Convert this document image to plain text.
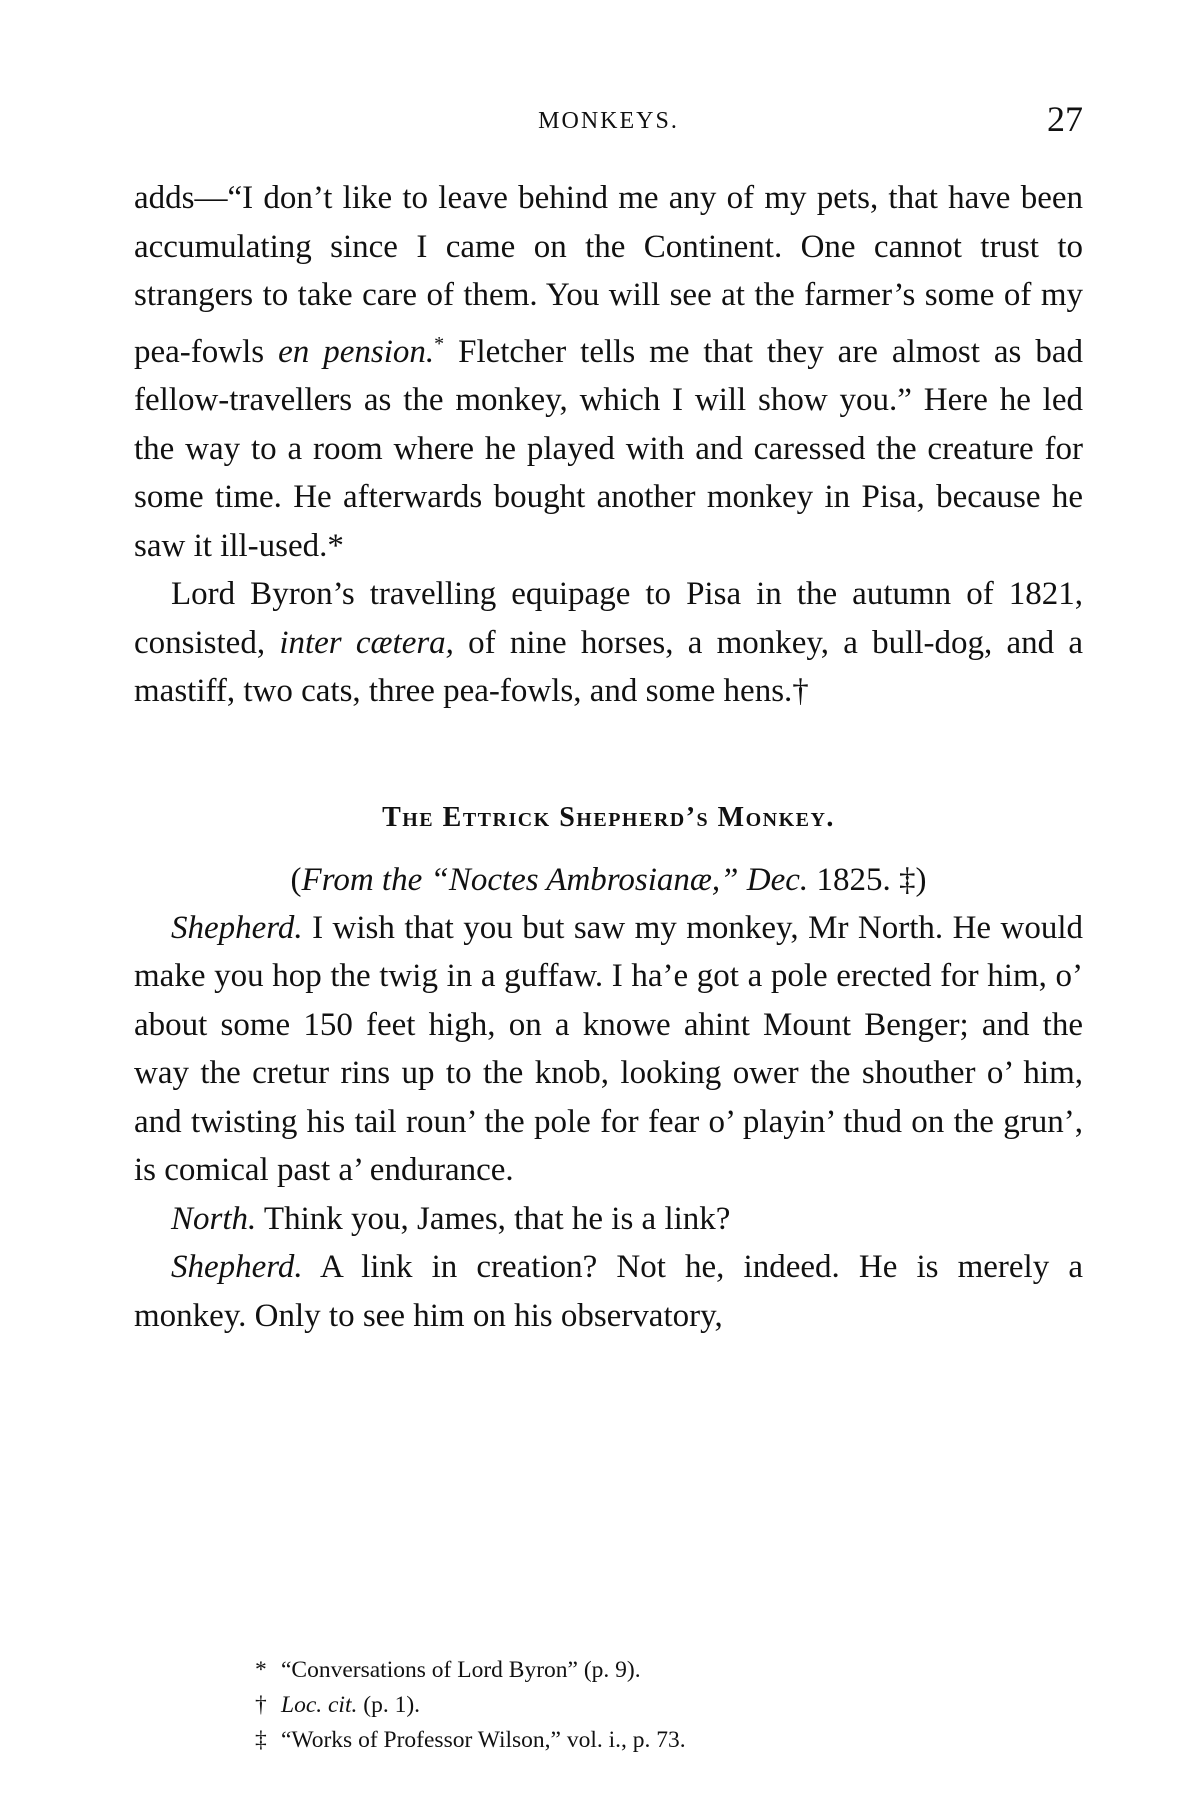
MONKEYS.	27

adds—“I don’t like to leave behind me any of my pets, that have been accumulating since I came on the Continent. One cannot trust to strangers to take care of them. You will see at the farmer’s some of my pea-fowls en pension.* Fletcher tells me that they are almost as bad fellow-travellers as the monkey, which I will show you.” Here he led the way to a room where he played with and caressed the creature for some time. He afterwards bought another monkey in Pisa, because he saw it ill-used.*

Lord Byron’s travelling equipage to Pisa in the autumn of 1821, consisted, inter cætera, of nine horses, a monkey, a bull-dog, and a mastiff, two cats, three pea-fowls, and some hens.†

The Ettrick Shepherd’s Monkey.

(From the “Noctes Ambrosianæ,” Dec. 1825. ‡)

Shepherd. I wish that you but saw my monkey, Mr North. He would make you hop the twig in a guffaw. I ha’e got a pole erected for him, o’ about some 150 feet high, on a knowe ahint Mount Benger; and the way the cretur rins up to the knob, looking ower the shouther o’ him, and twisting his tail roun’ the pole for fear o’ playin’ thud on the grun’, is comical past a’ endurance.

North. Think you, James, that he is a link?

Shepherd. A link in creation? Not he, indeed. He is merely a monkey. Only to see him on his observatory,

* “Conversations of Lord Byron” (p. 9).

† Loc. cit. (p. 1).

‡ “Works of Professor Wilson,” vol. i., p. 73.
